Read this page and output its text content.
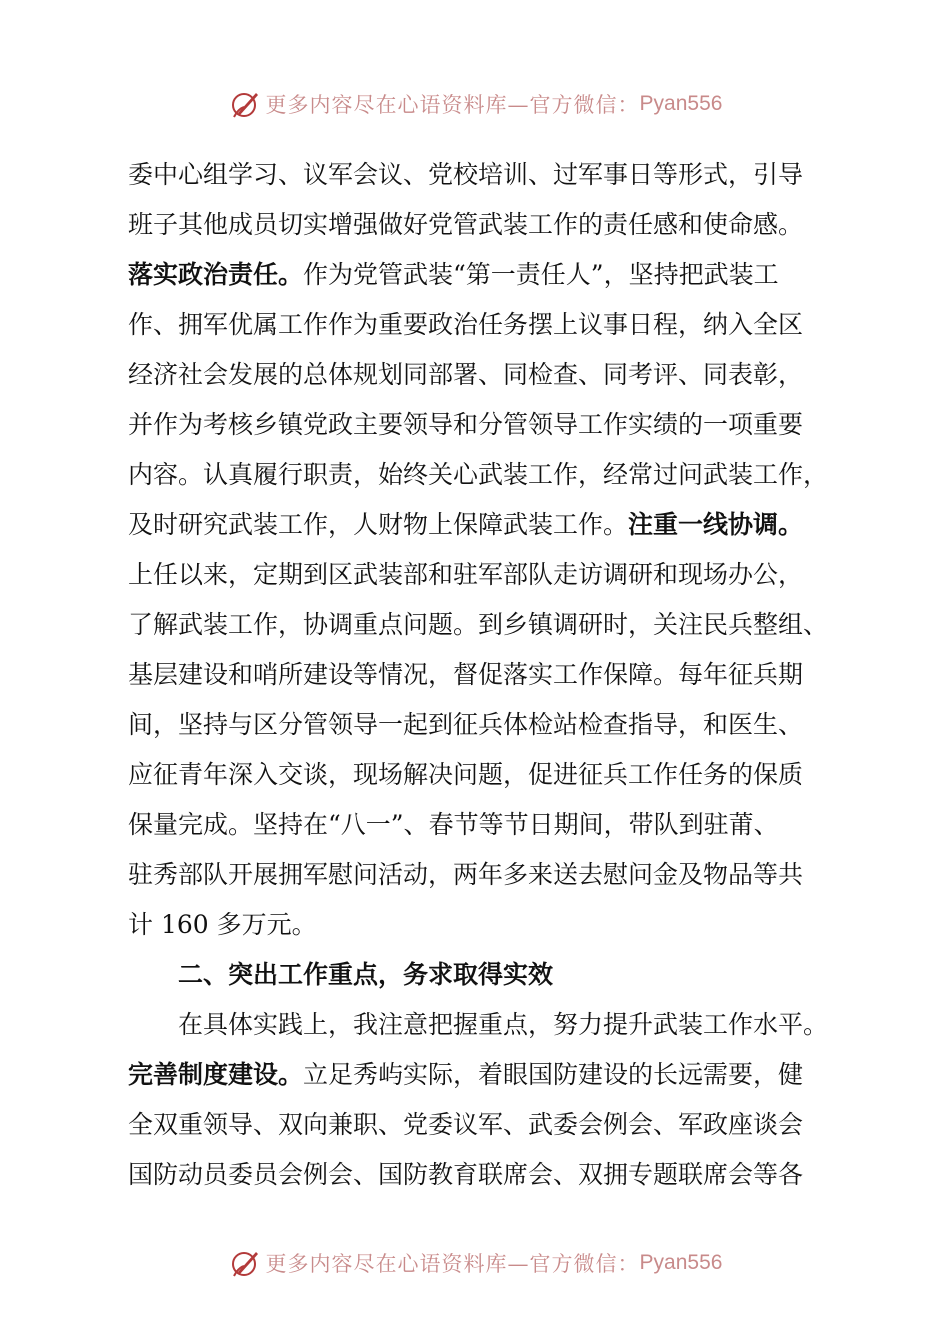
更多内容尽在心语资料库—官方微信： Pyan556
委中心组学习、议军会议、党校培训、过军事日等形式，引导
班子其他成员切实增强做好党管武装工作的责任感和使命感。
落实政治责任。 作为党管武装“第一责任人”，坚持把武装工
作、拥军优属工作作为重要政治任务摆上议事日程，纳入全区
经济社会发展的总体规划同部署、同检查、同考评、同表彰，
并作为考核乡镇党政主要领导和分管领导工作实绩的一项重要
内容。认真履行职责，始终关心武装工作，经常过问武装工作，
及时研究武装工作，人财物上保障武装工作。 注重一线协调。
上任以来，定期到区武装部和驻军部队走访调研和现场办公，
了解武装工作，协调重点问题。到乡镇调研时，关注民兵整组、
基层建设和哨所建设等情况，督促落实工作保障。每年征兵期
间，坚持与区分管领导一起到征兵体检站检查指导，和医生、
应征青年深入交谈，现场解决问题，促进征兵工作任务的保质
保量完成。坚持在“八一”、春节等节日期间，带队到驻莆、
驻秀部队开展拥军慰问活动，两年多来送去慰问金及物品等共
计 160 多万元。
二、突出工作重点，务求取得实效
在具体实践上，我注意把握重点，努力提升武装工作水平。
完善制度建设。 立足秀屿实际，着眼国防建设的长远需要，健
全双重领导、双向兼职、党委议军、武委会例会、军政座谈会
国防动员委员会例会、国防教育联席会、双拥专题联席会等各
更多内容尽在心语资料库—官方微信： Pyan556
